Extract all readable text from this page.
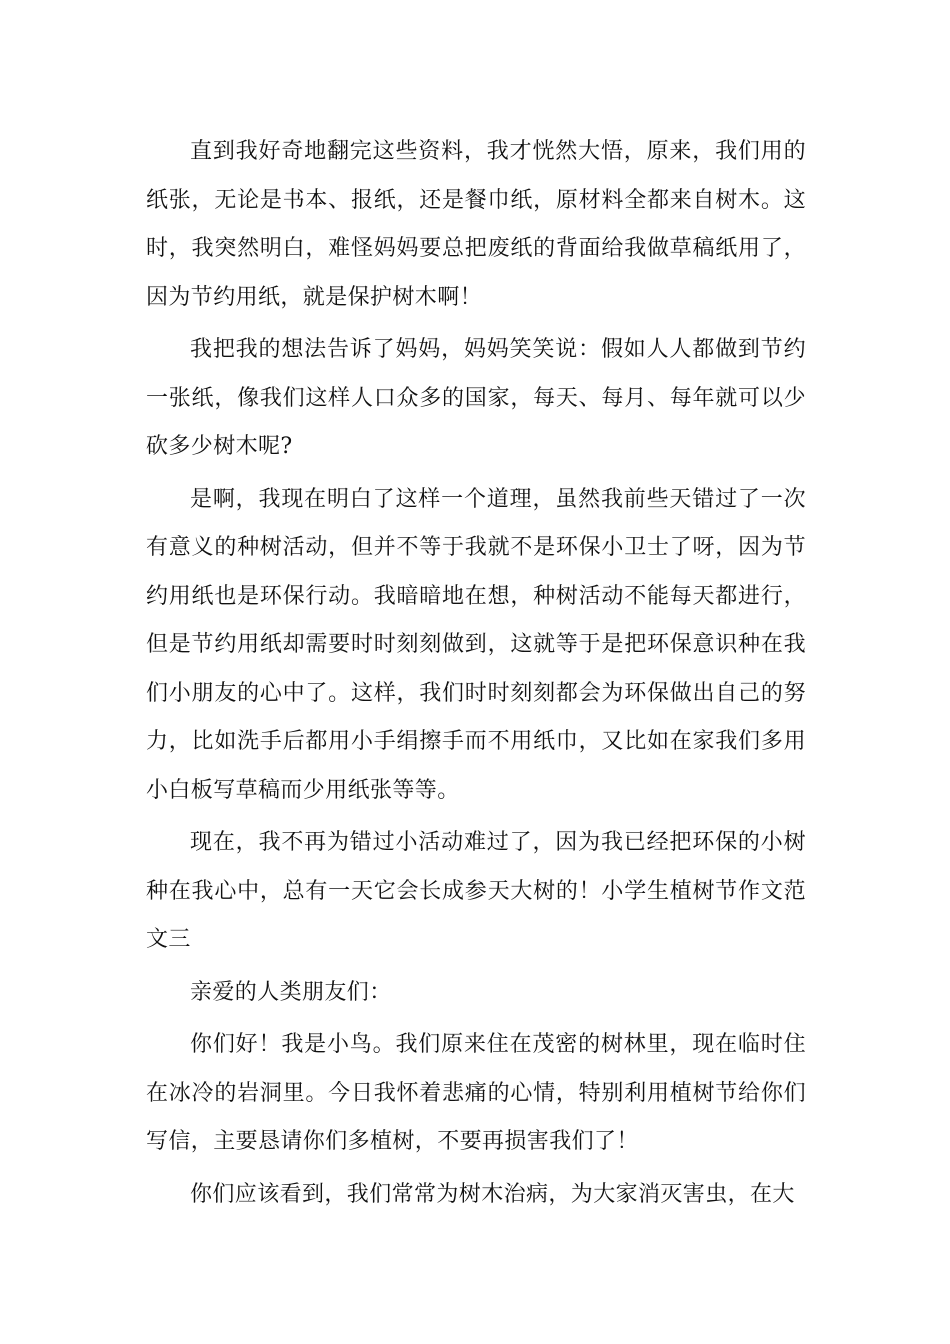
直到我好奇地翻完这些资料，我才恍然大悟，原来，我们用的纸张，无论是书本、报纸，还是餐巾纸，原材料全都来自树木。这时，我突然明白，难怪妈妈要总把废纸的背面给我做草稿纸用了，因为节约用纸，就是保护树木啊！

我把我的想法告诉了妈妈，妈妈笑笑说：假如人人都做到节约一张纸，像我们这样人口众多的国家，每天、每月、每年就可以少砍多少树木呢?

是啊，我现在明白了这样一个道理，虽然我前些天错过了一次有意义的种树活动，但并不等于我就不是环保小卫士了呀，因为节约用纸也是环保行动。我暗暗地在想，种树活动不能每天都进行，但是节约用纸却需要时时刻刻做到，这就等于是把环保意识种在我们小朋友的心中了。这样，我们时时刻刻都会为环保做出自己的努力，比如洗手后都用小手绢擦手而不用纸巾，又比如在家我们多用小白板写草稿而少用纸张等等。

现在，我不再为错过小活动难过了，因为我已经把环保的小树种在我心中，总有一天它会长成参天大树的！小学生植树节作文范文三

亲爱的人类朋友们：

你们好！我是小鸟。我们原来住在茂密的树林里，现在临时住在冰冷的岩洞里。今日我怀着悲痛的心情，特别利用植树节给你们写信，主要恳请你们多植树，不要再损害我们了！

你们应该看到，我们常常为树木治病，为大家消灭害虫，在大
